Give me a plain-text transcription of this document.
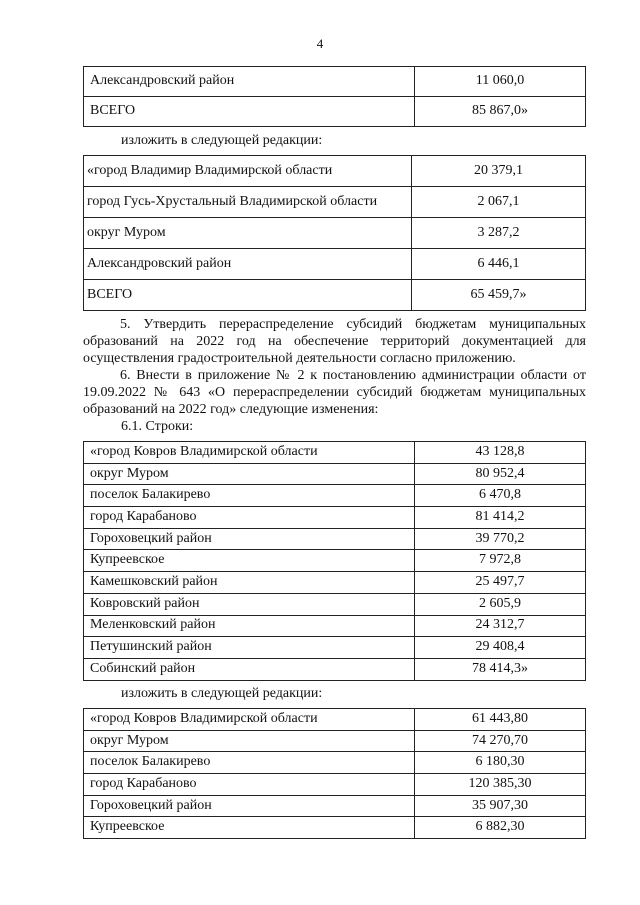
4
Александровский район	11 060,0
ВСЕГО	85 867,0»
изложить в следующей редакции:
«город Владимир Владимирской области	20 379,1
город Гусь-Хрустальный Владимирской области	2 067,1
округ Муром	3 287,2
Александровский район	6 446,1
ВСЕГО	65 459,7»
5. Утвердить перераспределение субсидий бюджетам муниципальных образований на 2022 год на обеспечение территорий документацией для осуществления градостроительной деятельности согласно приложению.
6. Внести в приложение № 2 к постановлению администрации области от 19.09.2022 № 643 «О перераспределении субсидий бюджетам муниципальных образований на 2022 год» следующие изменения:
6.1. Строки:
«город Ковров Владимирской области	43 128,8
округ Муром	80 952,4
поселок Балакирево	6 470,8
город Карабаново	81 414,2
Гороховецкий район	39 770,2
Купреевское	7 972,8
Камешковский район	25 497,7
Ковровский район	2 605,9
Меленковский район	24 312,7
Петушинский район	29 408,4
Собинский район	78 414,3»
изложить в следующей редакции:
«город Ковров Владимирской области	61 443,80
округ Муром	74 270,70
поселок Балакирево	6 180,30
город Карабаново	120 385,30
Гороховецкий район	35 907,30
Купреевское	6 882,30
